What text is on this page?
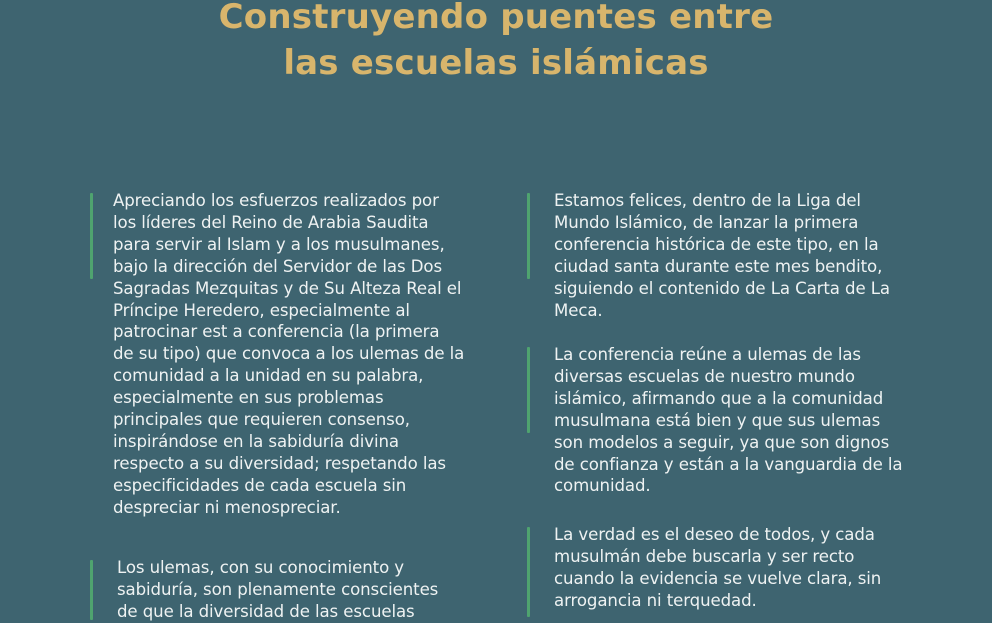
Construyendo puentes entre
las escuelas islámicas

Apreciando los esfuerzos realizados por los líderes del Reino de Arabia Saudita para servir al Islam y a los musulmanes, bajo la dirección del Servidor de las Dos Sagradas Mezquitas y de Su Alteza Real el Príncipe Heredero, especialmente al patrocinar est a conferencia (la primera de su tipo) que convoca a los ulemas de la comunidad a la unidad en su palabra, especialmente en sus problemas principales que requieren consenso, inspirándose en la sabiduría divina respecto a su diversidad; respetando las especificidades de cada escuela sin despreciar ni menospreciar.

Los ulemas, con su conocimiento y sabiduría, son plenamente conscientes de que la diversidad de las escuelas

Estamos felices, dentro de la Liga del Mundo Islámico, de lanzar la primera conferencia histórica de este tipo, en la ciudad santa durante este mes bendito, siguiendo el contenido de La Carta de La Meca.

La conferencia reúne a ulemas de las diversas escuelas de nuestro mundo islámico, afirmando que a la comunidad musulmana está bien y que sus ulemas son modelos a seguir, ya que son dignos de confianza y están a la vanguardia de la comunidad.

La verdad es el deseo de todos, y cada musulmán debe buscarla y ser recto cuando la evidencia se vuelve clara, sin arrogancia ni terquedad.
